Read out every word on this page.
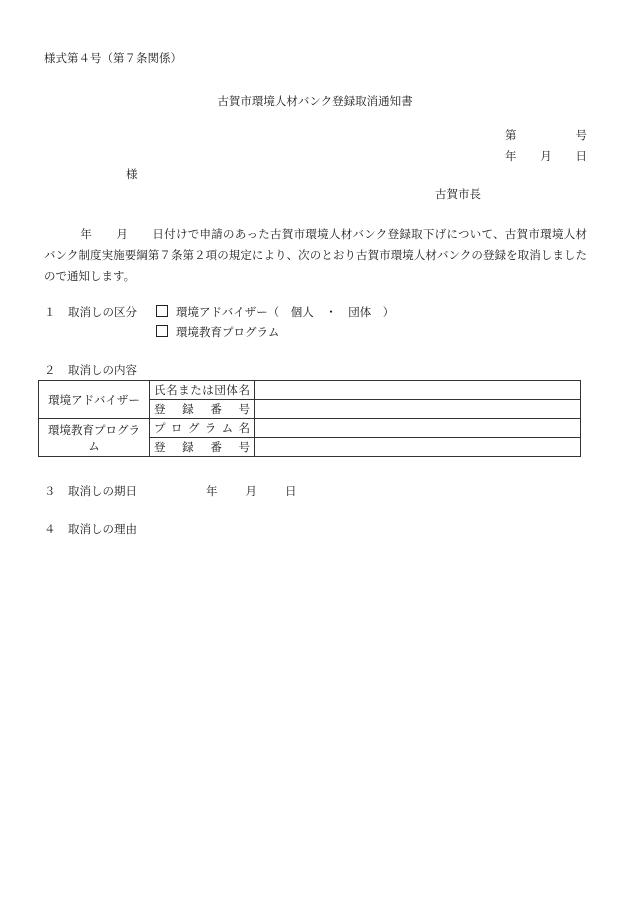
様式第４号（第７条関係）
古賀市環境人材バンク登録取消通知書
第	号
年 月 日
様
古賀市長
年 月 日付けで申請のあった古賀市環境人材バンク登録取下げについて、古賀市環境人材バンク制度実施要綱第７条第２項の規定により、次のとおり古賀市環境人材バンクの登録を取消しましたので通知します。
１ 取消しの区分	環境アドバイザー（　個人　・　団体　）
環境教育プログラム
２ 取消しの内容
環境アドバイザー	氏名または団体名	
	登録番号	
環境教育プログラム	プログラム名	
	登録番号	
３ 取消しの期日	年 月 日
４ 取消しの理由
